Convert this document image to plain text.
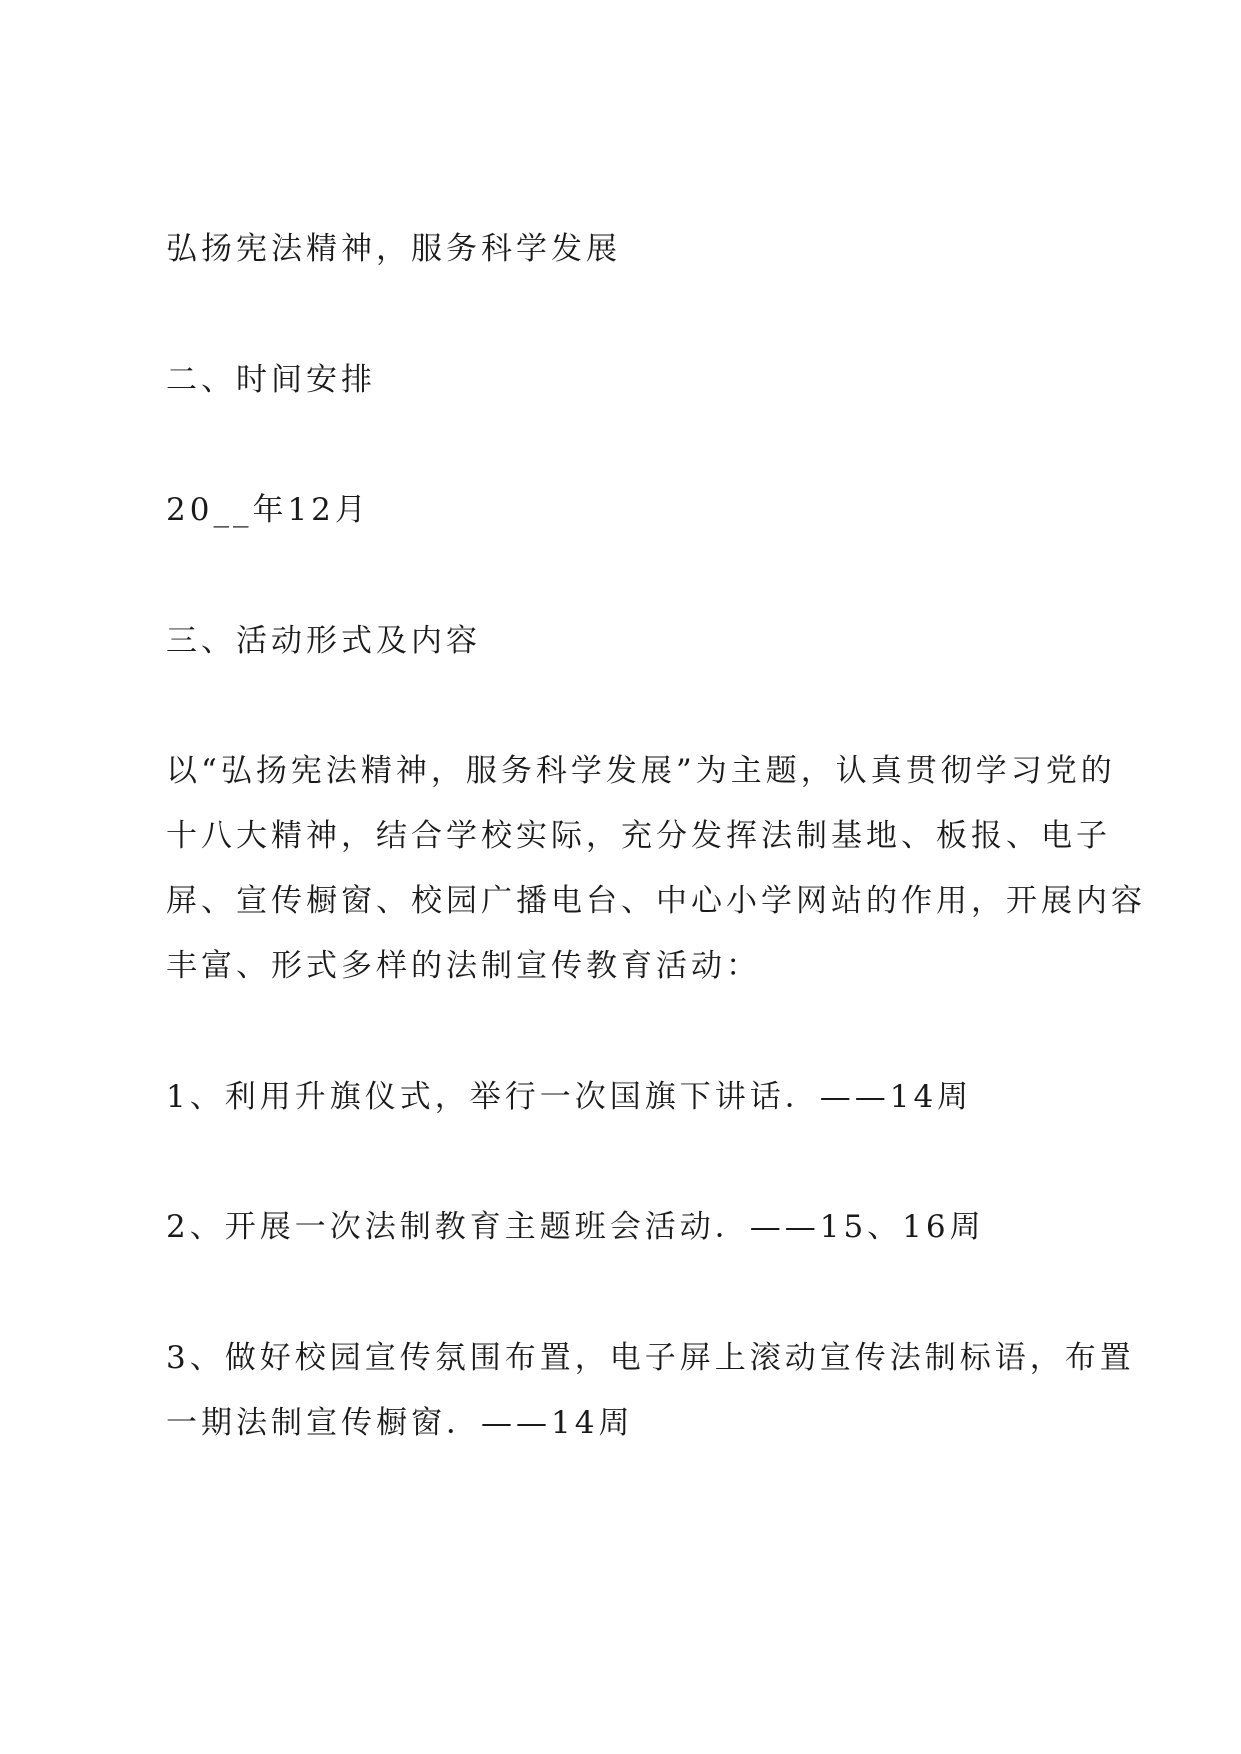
弘扬宪法精神，服务科学发展
二、时间安排
20__年12月
三、活动形式及内容
以“弘扬宪法精神，服务科学发展”为主题，认真贯彻学习党的
十八大精神，结合学校实际，充分发挥法制基地、板报、电子
屏、宣传橱窗、校园广播电台、中心小学网站的作用，开展内容
丰富、形式多样的法制宣传教育活动：
1、利用升旗仪式，举行一次国旗下讲话．——14周
2、开展一次法制教育主题班会活动．——15、16周
3、做好校园宣传氛围布置，电子屏上滚动宣传法制标语，布置
一期法制宣传橱窗．——14周
